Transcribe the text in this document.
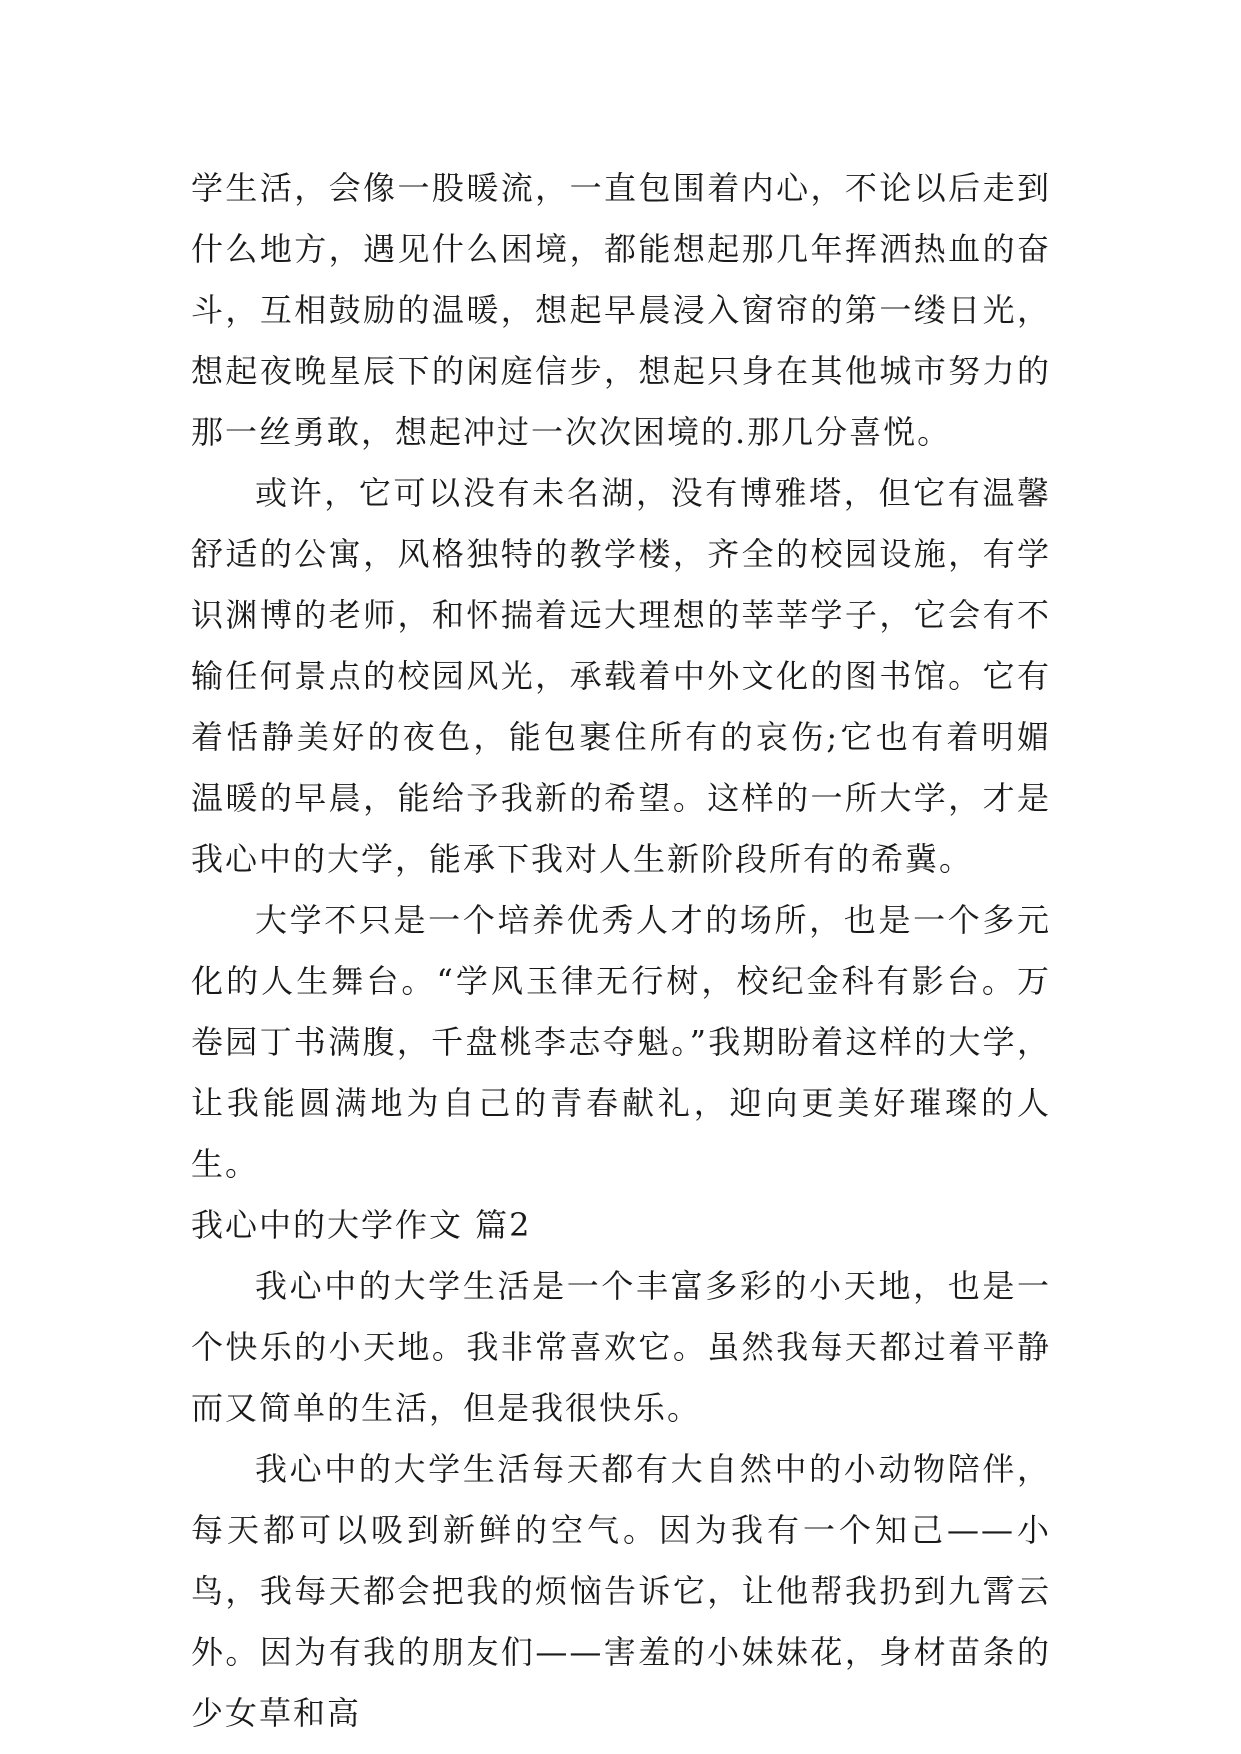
学生活，会像一股暖流，一直包围着内心，不论以后走到什么地方，遇见什么困境，都能想起那几年挥洒热血的奋斗，互相鼓励的温暖，想起早晨浸入窗帘的第一缕日光，想起夜晚星辰下的闲庭信步，想起只身在其他城市努力的那一丝勇敢，想起冲过一次次困境的.那几分喜悦。

或许，它可以没有未名湖，没有博雅塔，但它有温馨舒适的公寓，风格独特的教学楼，齐全的校园设施，有学识渊博的老师，和怀揣着远大理想的莘莘学子，它会有不输任何景点的校园风光，承载着中外文化的图书馆。它有着恬静美好的夜色，能包裹住所有的哀伤;它也有着明媚温暖的早晨，能给予我新的希望。这样的一所大学，才是我心中的大学，能承下我对人生新阶段所有的希冀。

大学不只是一个培养优秀人才的场所，也是一个多元化的人生舞台。“学风玉律无行树，校纪金科有影台。万卷园丁书满腹，千盘桃李志夺魁。”我期盼着这样的大学，让我能圆满地为自己的青春献礼，迎向更美好璀璨的人生。

我心中的大学作文 篇2

我心中的大学生活是一个丰富多彩的小天地，也是一个快乐的小天地。我非常喜欢它。虽然我每天都过着平静而又简单的生活，但是我很快乐。

我心中的大学生活每天都有大自然中的小动物陪伴，每天都可以吸到新鲜的空气。因为我有一个知己——小鸟，我每天都会把我的烦恼告诉它，让他帮我扔到九霄云外。因为有我的朋友们——害羞的小妹妹花，身材苗条的少女草和高
